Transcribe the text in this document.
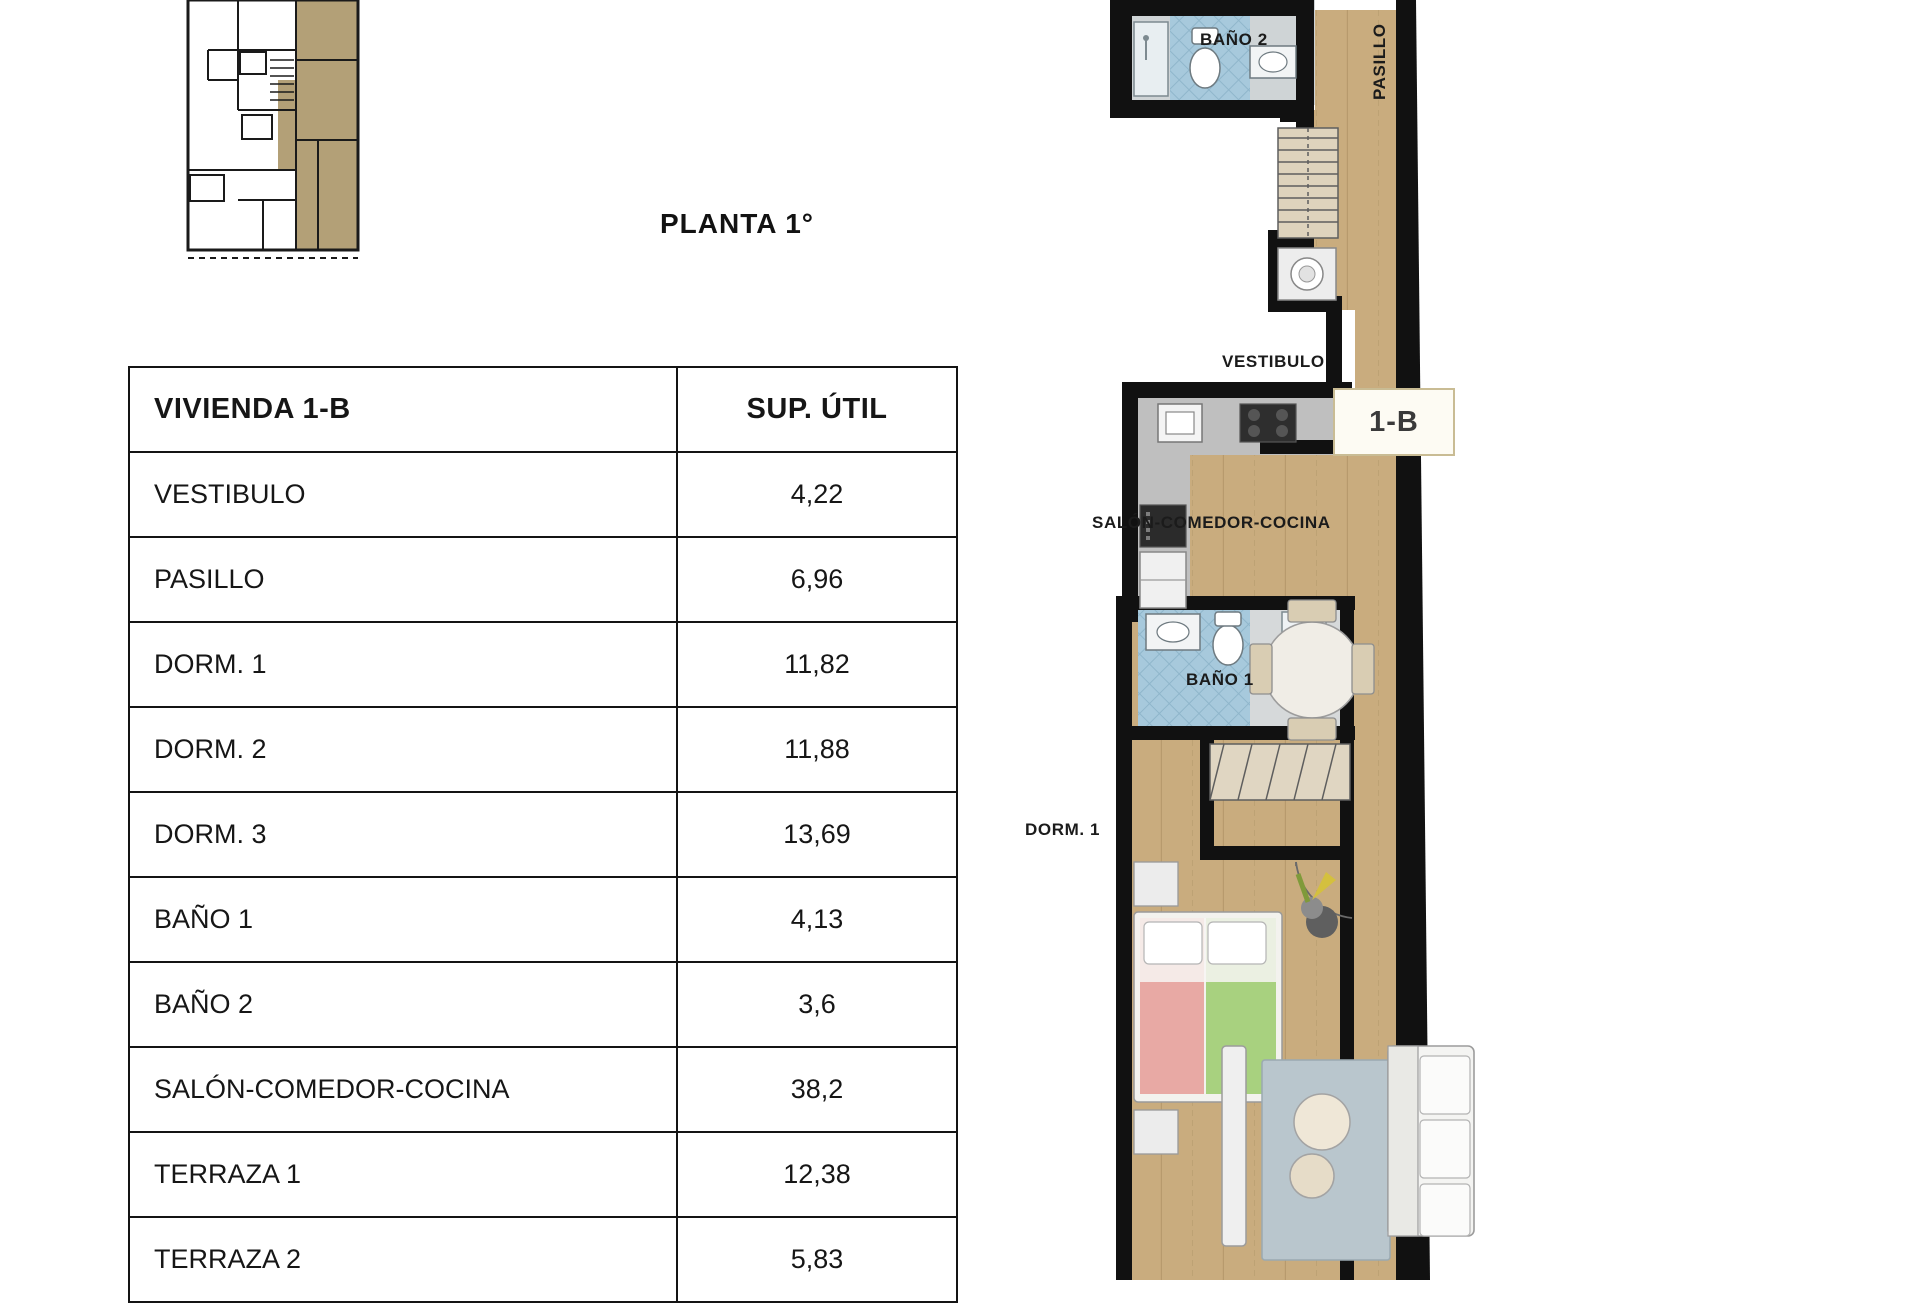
PLANTA 1°
VIVIENDA 1-B	SUP. ÚTIL
VESTIBULO	4,22
PASILLO	6,96
DORM. 1	11,82
DORM. 2	11,88
DORM. 3	13,69
BAÑO 1	4,13
BAÑO 2	3,6
SALÓN-COMEDOR-COCINA	38,2
TERRAZA 1	12,38
TERRAZA 2	5,83
BAÑO 2	PASILLO
VESTIBULO
SALÓN-COMEDOR-COCINA
BAÑO 1
DORM. 1
1-B
